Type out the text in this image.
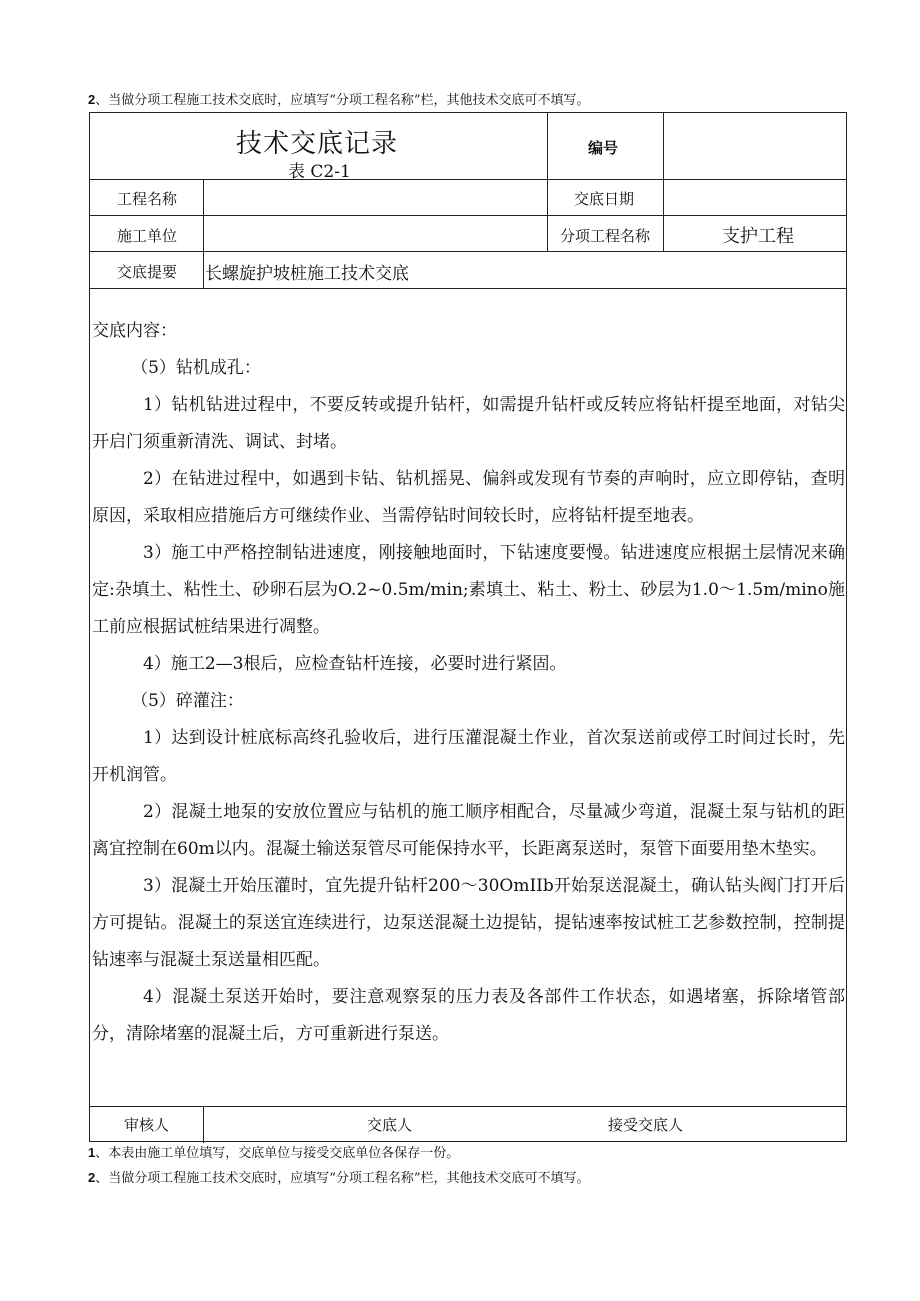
2、当做分项工程施工技术交底时，应填写“分项工程名称”栏，其他技术交底可不填写。
技术交底记录
表 C2-1
编号
工程名称	交底日期
施工单位	分项工程名称	支护工程
交底提要 长螺旋护坡桩施工技术交底

交底内容：

（5）钻机成孔：

1）钻机钻进过程中，不要反转或提升钻杆，如需提升钻杆或反转应将钻杆提至地面，对钻尖开启门须重新清洗、调试、封堵。

2）在钻进过程中，如遇到卡钻、钻机摇晃、偏斜或发现有节奏的声响时，应立即停钻，查明原因，采取相应措施后方可继续作业、当需停钻时间较长时，应将钻杆提至地表。

3）施工中严格控制钻进速度，刚接触地面时，下钻速度要慢。钻进速度应根据土层情况来确定:杂填土、粘性土、砂卵石层为O.2~0.5m/min;素填土、粘土、粉土、砂层为1.0～1.5m/mino施工前应根据试桩结果进行凋整。

4）施工2—3根后，应检查钻杆连接，必要时进行紧固。

（5）碎灌注：

1）达到设计桩底标高终孔验收后，进行压灌混凝土作业，首次泵送前或停工时间过长时，先开机润管。

2）混凝土地泵的安放位置应与钻机的施工顺序相配合，尽量减少弯道，混凝土泵与钻机的距离宜控制在60m以内。混凝土输送泵管尽可能保持水平，长距离泵送时，泵管下面要用垫木垫实。

3）混凝土开始压灌时，宜先提升钻杆200～30OmIIb开始泵送混凝土，确认钻头阀门打开后方可提钻。混凝土的泵送宜连续进行，边泵送混凝土边提钻，提钻速率按试桩工艺参数控制，控制提钻速率与混凝土泵送量相匹配。

4）混凝土泵送开始时，要注意观察泵的压力表及各部件工作状态，如遇堵塞，拆除堵管部分，清除堵塞的混凝土后，方可重新进行泵送。

审核人	交底人	接受交底人
1、本表由施工单位填写，交底单位与接受交底单位各保存一份。
2、当做分项工程施工技术交底时，应填写“分项工程名称”栏，其他技术交底可不填写。
